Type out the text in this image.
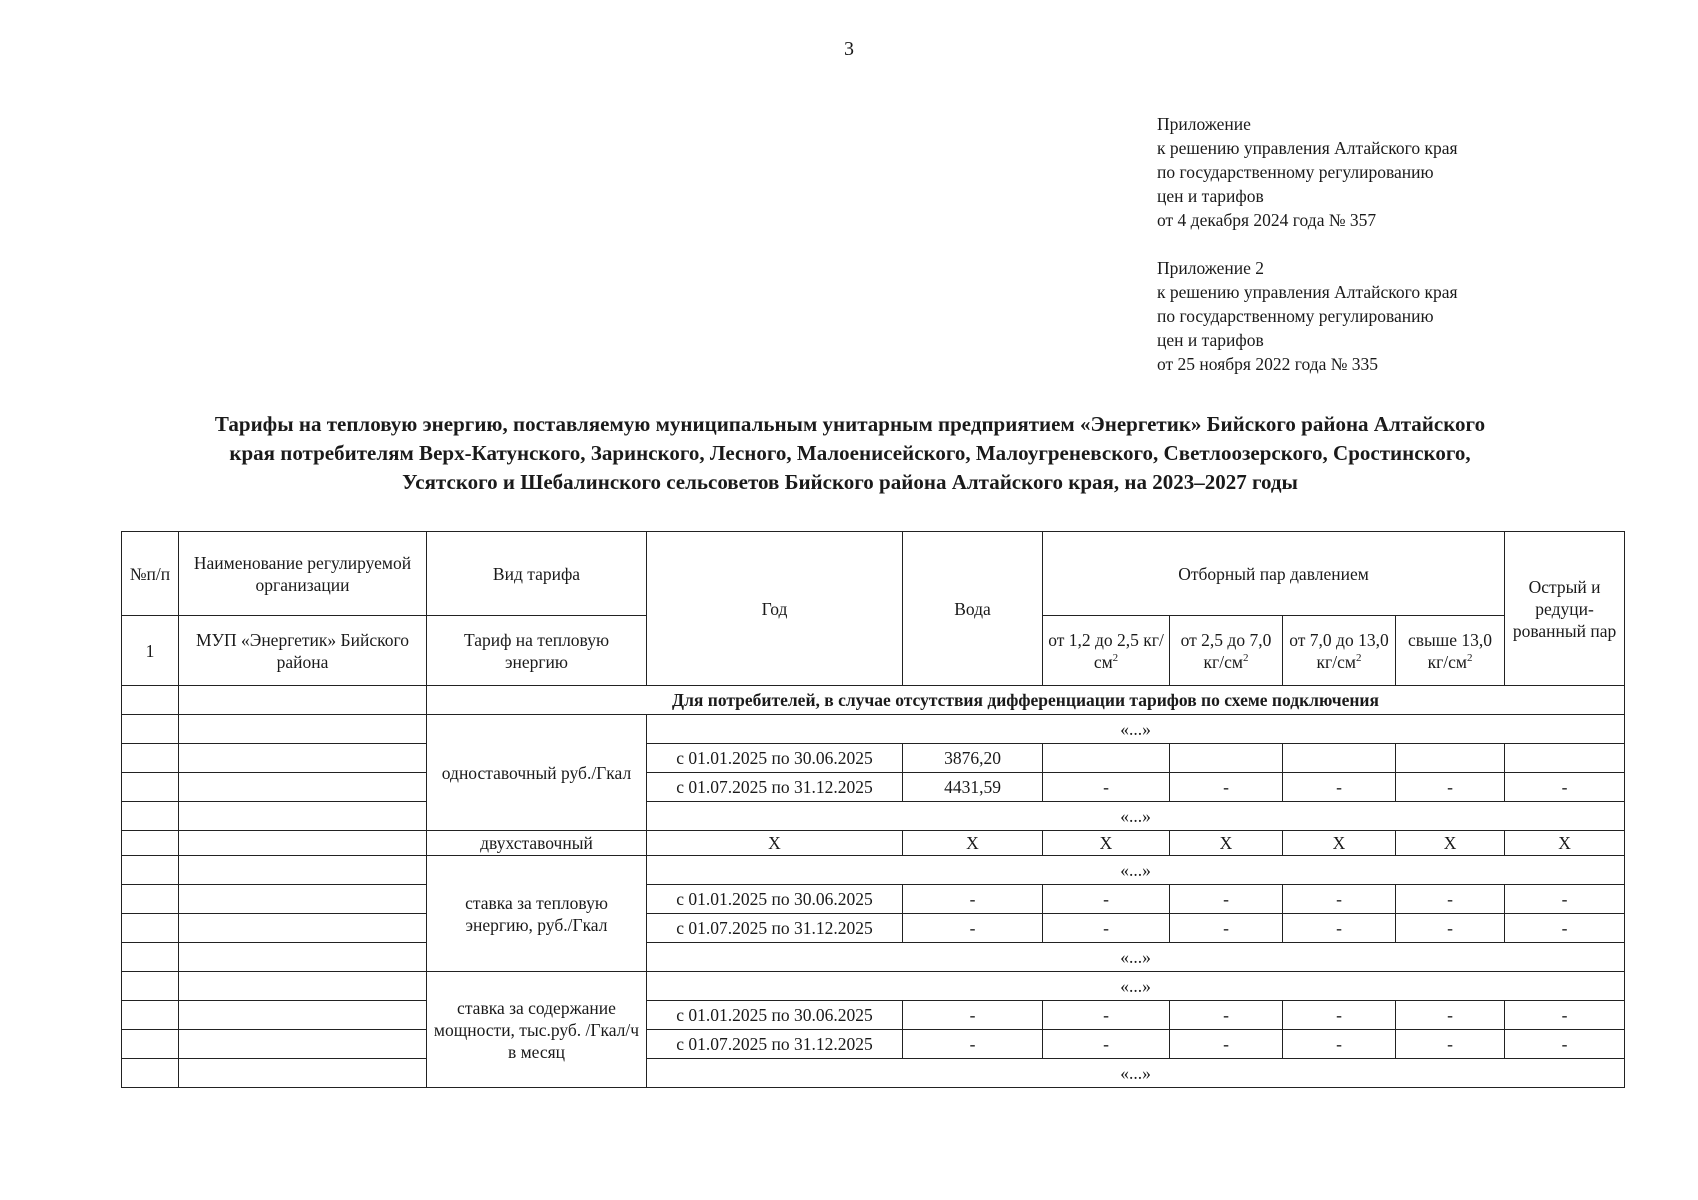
3
Приложение
к решению управления Алтайского края
по государственному регулированию
цен и тарифов
от 4 декабря 2024 года № 357
Приложение 2
к решению управления Алтайского края
по государственному регулированию
цен и тарифов
от 25 ноября 2022 года № 335
Тарифы на тепловую энергию, поставляемую муниципальным унитарным предприятием «Энергетик» Бийского района Алтайского
края потребителям Верх-Катунского, Заринского, Лесного, Малоенисейского, Малоугреневского, Светлоозерского, Сростинского,
Усятского и Шебалинского сельсоветов Бийского района Алтайского края, на 2023–2027 годы
№п/п	Наименование регулируемой организации	Вид тарифа	Год	Вода	Отборный пар давлением				Острый и редуци-рованный пар
1	МУП «Энергетик» Бийского района	Тариф на тепловую энергию			от 1,2 до 2,5 $кг/см^2$	от 2,5 до 7,0 $кг/см^2$	от 7,0 до 13,0 $кг/см^2$	свыше 13,0 $кг/см^2$
		Для потребителей, в случае отсутствия дифференциации тарифов по схеме подключения							
		одноставочный руб./Гкал	«...»						
			с 01.01.2025 по 30.06.2025	3876,20					
			с 01.07.2025 по 31.12.2025	4431,59	-	-	-	-	-
			«...»						
		двухставочный	X	X	X	X	X	X	X
		ставка за тепловую энергию, руб./Гкал	«...»						
			с 01.01.2025 по 30.06.2025	-	-	-	-	-	-
			с 01.07.2025 по 31.12.2025	-	-	-	-	-	-
			«...»						
		ставка за содержание мощности, тыс.руб. /Гкал/ч в месяц	«...»						
			с 01.01.2025 по 30.06.2025	-	-	-	-	-	-
			с 01.07.2025 по 31.12.2025	-	-	-	-	-	-
			«...»						
